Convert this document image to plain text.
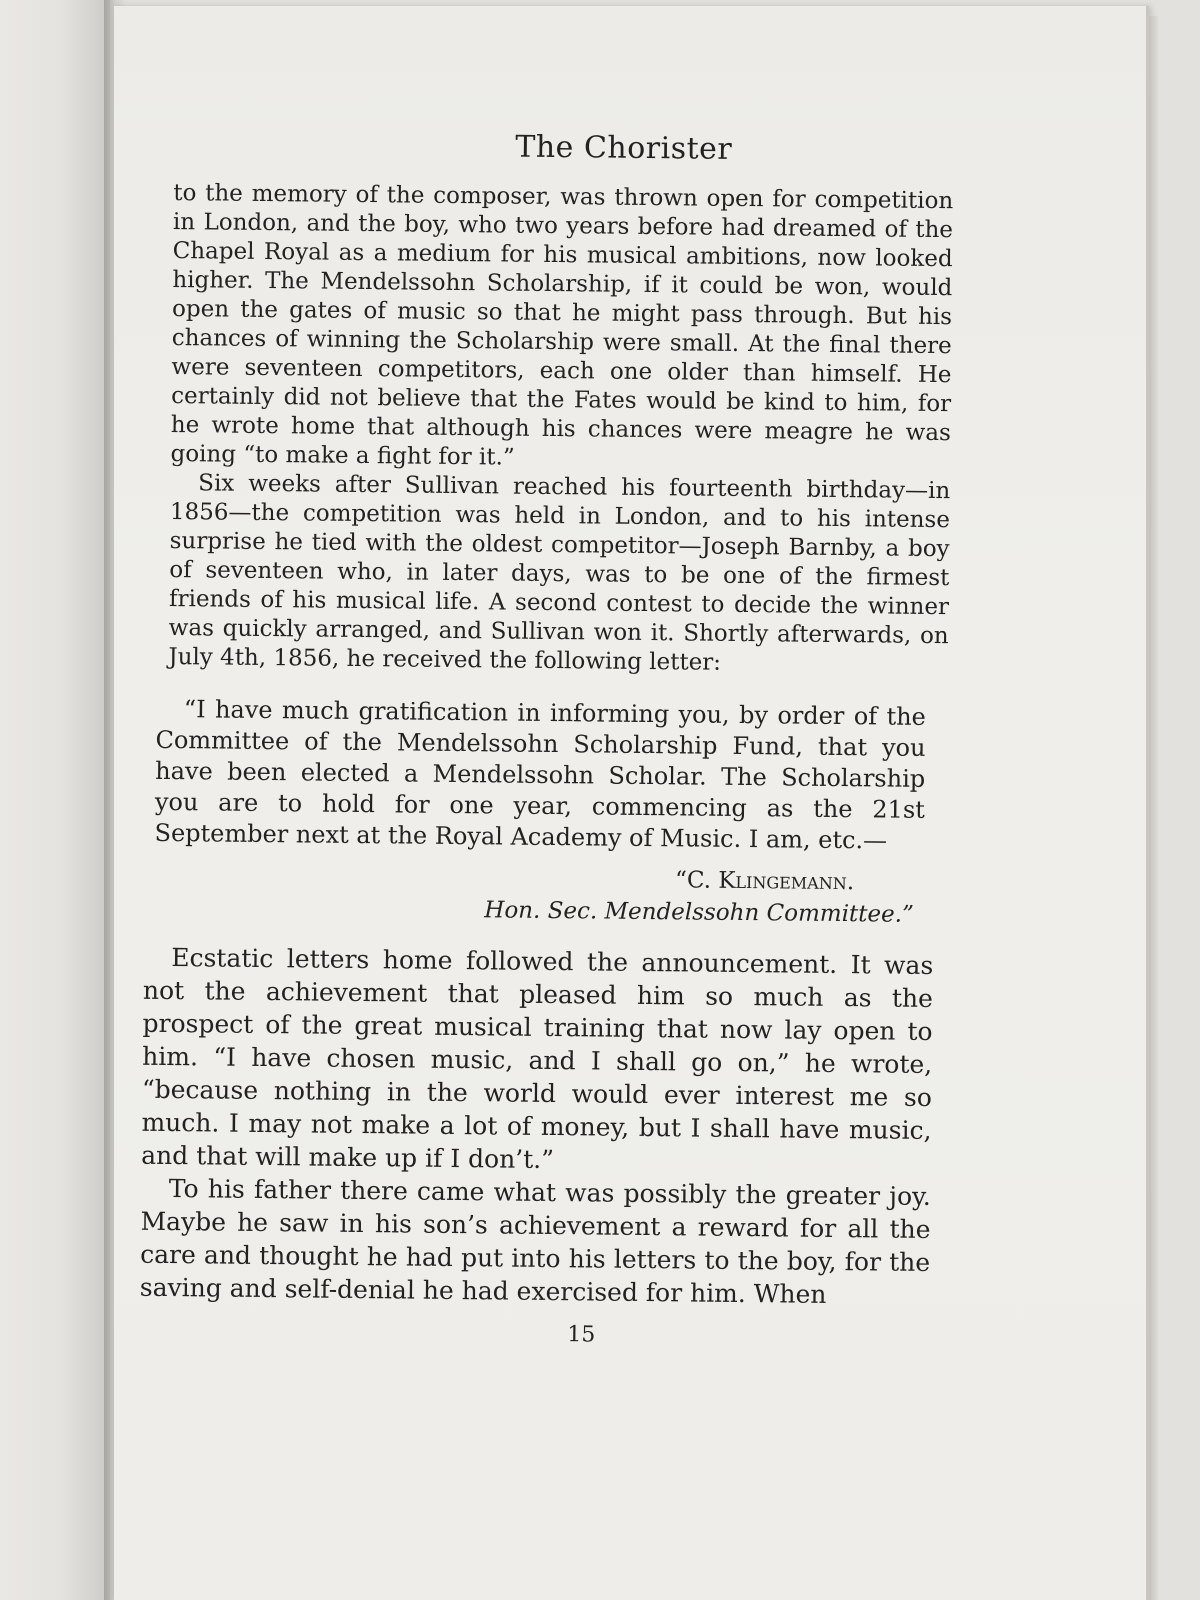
The Chorister

to the memory of the composer, was thrown open for competition in London, and the boy, who two years before had dreamed of the Chapel Royal as a medium for his musical ambitions, now looked higher. The Mendelssohn Scholarship, if it could be won, would open the gates of music so that he might pass through. But his chances of winning the Scholarship were small. At the final there were seventeen competitors, each one older than himself. He certainly did not believe that the Fates would be kind to him, for he wrote home that although his chances were meagre he was going “to make a fight for it.”

Six weeks after Sullivan reached his fourteenth birthday—in 1856—the competition was held in London, and to his intense surprise he tied with the oldest competitor—Joseph Barnby, a boy of seventeen who, in later days, was to be one of the firmest friends of his musical life. A second contest to decide the winner was quickly arranged, and Sullivan won it. Shortly afterwards, on July 4th, 1856, he received the following letter:

“I have much gratification in informing you, by order of the Committee of the Mendelssohn Scholarship Fund, that you have been elected a Mendelssohn Scholar. The Scholarship you are to hold for one year, commencing as the 21st September next at the Royal Academy of Music. I am, etc.—

“C. Klingemann.
Hon. Sec. Mendelssohn Committee.”

Ecstatic letters home followed the announcement. It was not the achievement that pleased him so much as the prospect of the great musical training that now lay open to him. “I have chosen music, and I shall go on,” he wrote, “because nothing in the world would ever interest me so much. I may not make a lot of money, but I shall have music, and that will make up if I don’t.”

To his father there came what was possibly the greater joy. Maybe he saw in his son’s achievement a reward for all the care and thought he had put into his letters to the boy, for the saving and self-denial he had exercised for him. When

15
